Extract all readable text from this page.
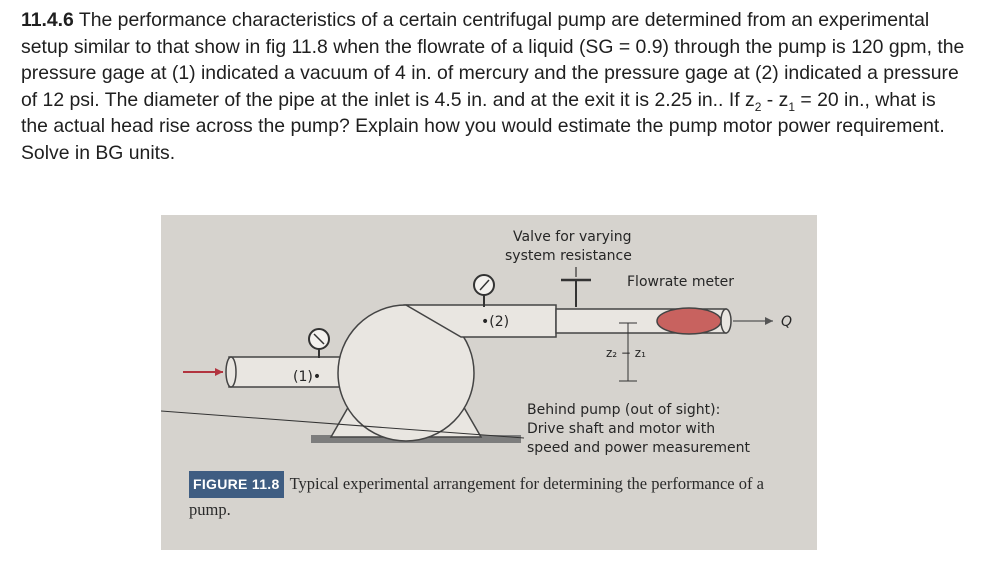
11.4.6 The performance characteristics of a certain centrifugal pump are determined from an experimental setup similar to that show in fig 11.8 when the flowrate of a liquid (SG = 0.9) through the pump is 120 gpm, the pressure gage at (1) indicated a vacuum of 4 in. of mercury and the pressure gage at (2) indicated a pressure of 12 psi. The diameter of the pipe at the inlet is 4.5 in. and at the exit it is 2.25 in.. If $z_2 - z_1 = 20$ in., what is the actual head rise across the pump? Explain how you would estimate the pump motor power requirement. Solve in BG units.

Valve for varying
system resistance
Flowrate meter
•(2)
(1)•
z₂ − z₁
Q
Behind pump (out of sight):
Drive shaft and motor with
speed and power measurement
FIGURE 11.8 Typical experimental arrangement for determining the performance of a pump.
